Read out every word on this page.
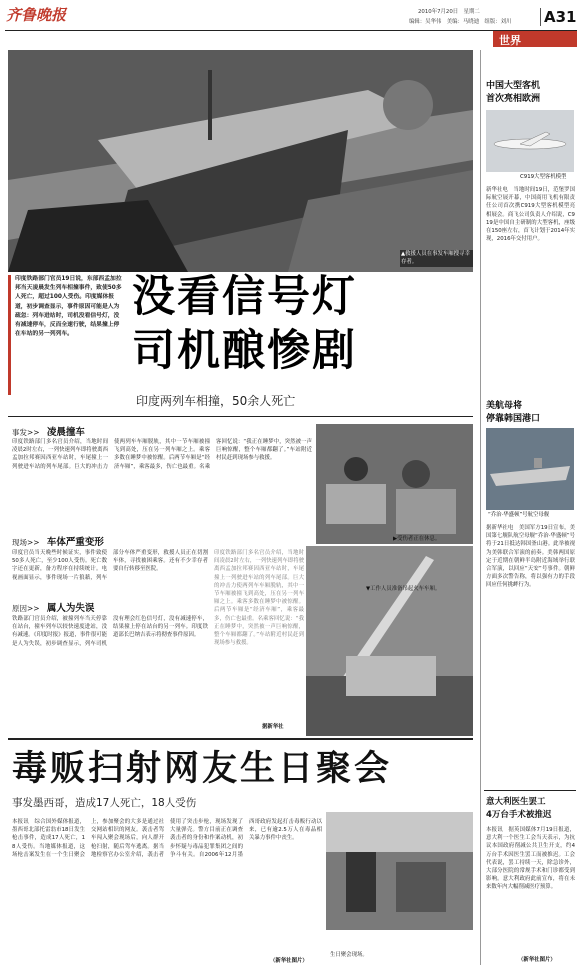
齐鲁晚报	2010年7月20日　星期二
编辑：吴华伟　美编：马晓迪　组版：刘川 A31
世界
▲救援人员在事发车厢搜寻幸存者。
印度铁路部门官员19日说，东部西孟加拉邦当天凌晨发生列车相撞事件，致使50多人死亡，超过100人受伤。印度媒体报道，初步调查显示，事件原因可能是人为疏忽：列车进站时，司机没看信号灯，没有减速停车，反而全速行驶，结果撞上停在车站的另一列列车。
没看信号灯
司机酿惨剧
印度两列车相撞，50余人死亡
事发>> 凌晨撞车
印度铁路部门多名官员介绍，当地时间凌晨2时左右，一列快速列车即将驶离西孟加拉邦赛因西亚车站时，车尾撞上一列驶进车站的列车尾部。巨大的冲击力使两列车车厢脱轨，其中一节车厢被撞飞到高处，压在另一列车厢之上。乘客多数在睡梦中被惊醒。后两节车厢是“经济车厢”，乘客最多，伤亡也最重。名乘客回忆说：“我正在睡梦中，突然被一声巨响惊醒，整个车厢都翻了。”车站附近村民赶到现场参与救援。
▶受伤者正在休息。
现场>> 车体严重变形
印度官员当天晚些时候证实，事件致使50多人死亡，至少100人受伤。死亡数字还在更新，备方程序在持续统计。电视画面显示，事件现场一片狼藉，列车部分车体严重变形，救援人员正在切割车体，寻找被困乘客。还有不少幸存者要自行转移至医院。
原因>> 属人为失误
铁路部门官员介绍，被撞列车当天停靠在站台，撞车列车以较快速度进站，没有减速。《印度时报》报道，事件很可能是人为失误，初步调查显示，列车司机没有理会红色信号灯，没有减速停车，结果撞上停在站台的另一列车。印度铁道部长巴纳吉表示将彻查事件原因。
印度铁路部门多名官员介绍，当地时间凌晨2时左右，一列快速列车即将驶离西孟加拉邦赛因西亚车站时，车尾撞上一列驶进车站的列车尾部。巨大的冲击力使两列车车厢脱轨，其中一节车厢被撞飞到高处，压在另一列车厢之上。乘客多数在睡梦中被惊醒。后两节车厢是“经济车厢”，乘客最多，伤亡也最重。名乘客回忆说：“我正在睡梦中，突然被一声巨响惊醒，整个车厢都翻了。”车站附近村民赶到现场参与救援。
▼工作人员准备吊起火车车厢。
据新华社
毒贩扫射网友生日聚会
事发墨西哥，造成17人死亡，18人受伤
本报讯　综合国外媒体报道，墨西哥北部托雷翁市18日发生枪击事件，造成17人死亡，18人受伤。当地媒体报道，这场枪击案发生在一个生日聚会上，参加聚会的大多是通过社交网站相识的网友。袭击者驾车闯入聚会现场后，向人群开枪扫射，随后驾车逃离。据当地检察官办公室介绍，袭击者使用了突击步枪，现场发现了大量弹壳。警方目前正在调查袭击者的身份和作案动机，初步怀疑与毒品犯罪集团之间的争斗有关。自2006年12月墨西哥政府发起打击毒贩行动以来，已有逾2.5万人在毒品相关暴力事件中丧生。
生日聚会现场。
（新华社图片）
中国大型客机
首次亮相欧洲
C919大型客机模型
新华社电　当地时间19日，范堡罗国际航空展开幕，中国商用飞机有限责任公司首次携C919大型客机模型亮相展会。商飞公司负责人介绍说，C919是中国自主研制的大型客机，座级在150座左右，首飞计划于2014年实现，2016年交付用户。
美航母将
停靠韩国港口
“乔治·华盛顿”号航空母舰
据新华社电　美国军方19日宣布，美国第七舰队航空母舰“乔治·华盛顿”号将于21日抵达韩国釜山港。此举被视为美韩联合军演的前奏。美韩两国原定于近期在朝鲜半岛附近海域举行联合军演，以回应“天安”号事件。朝鲜方面多次警告称，将以强有力的手段回应任何挑衅行为。
意大利医生罢工
4万台手术被推迟
本报讯　据英国媒体7月19日报道，意大利一个医生工会当天表示，为抗议本国政府削减公共卫生开支，约4万台手术因医生罢工而被推迟。工会代表说，罢工持续一天，除急诊外，大部分医院的常规手术和门诊都受到影响。意大利政府此前宣布，将在未来数年内大幅削减医疗预算。
（新华社图片）
